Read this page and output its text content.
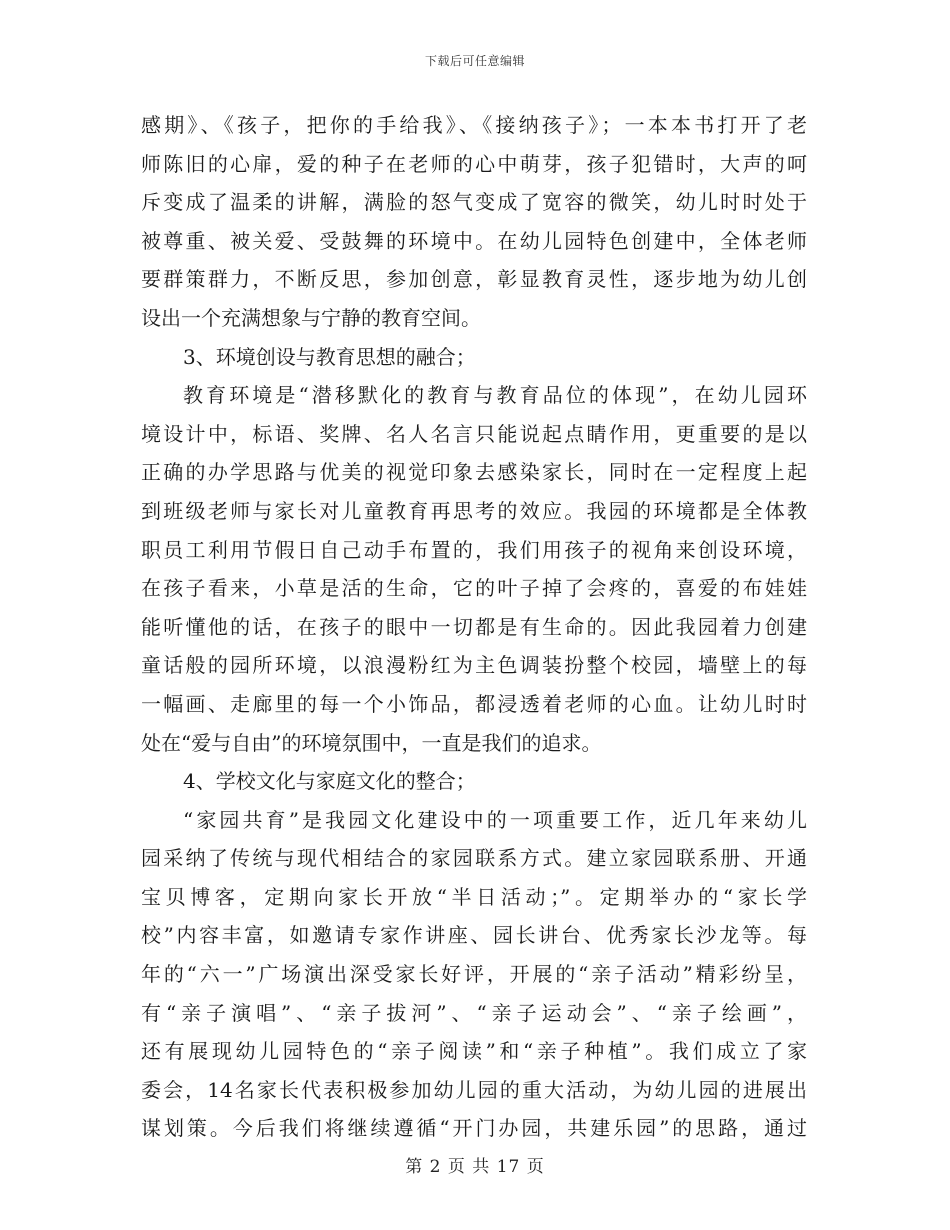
下载后可任意编辑
感期》、《孩子，把你的手给我》、《接纳孩子》；一本本书打开了老
师陈旧的心扉，爱的种子在老师的心中萌芽，孩子犯错时，大声的呵
斥变成了温柔的讲解，满脸的怒气变成了宽容的微笑，幼儿时时处于
被尊重、被关爱、受鼓舞的环境中。在幼儿园特色创建中，全体老师
要群策群力，不断反思，参加创意，彰显教育灵性，逐步地为幼儿创
设出一个充满想象与宁静的教育空间。
3、环境创设与教育思想的融合；
教育环境是“潜移默化的教育与教育品位的体现”，在幼儿园环
境设计中，标语、奖牌、名人名言只能说起点睛作用，更重要的是以
正确的办学思路与优美的视觉印象去感染家长，同时在一定程度上起
到班级老师与家长对儿童教育再思考的效应。我园的环境都是全体教
职员工利用节假日自己动手布置的，我们用孩子的视角来创设环境，
在孩子看来，小草是活的生命，它的叶子掉了会疼的，喜爱的布娃娃
能听懂他的话，在孩子的眼中一切都是有生命的。因此我园着力创建
童话般的园所环境，以浪漫粉红为主色调装扮整个校园，墙壁上的每
一幅画、走廊里的每一个小饰品，都浸透着老师的心血。让幼儿时时
处在“爱与自由”的环境氛围中，一直是我们的追求。
4、学校文化与家庭文化的整合；
“家园共育”是我园文化建设中的一项重要工作，近几年来幼儿
园采纳了传统与现代相结合的家园联系方式。建立家园联系册、开通
宝贝博客，定期向家长开放“半日活动；”。定期举办的“家长学
校”内容丰富，如邀请专家作讲座、园长讲台、优秀家长沙龙等。每
年的“六一”广场演出深受家长好评，开展的“亲子活动”精彩纷呈，
有“亲子演唱”、“亲子拔河”、“亲子运动会”、“亲子绘画”，
还有展现幼儿园特色的“亲子阅读”和“亲子种植”。我们成立了家
委会，14名家长代表积极参加幼儿园的重大活动，为幼儿园的进展出
谋划策。今后我们将继续遵循“开门办园，共建乐园”的思路，通过
第 2 页 共 17 页
